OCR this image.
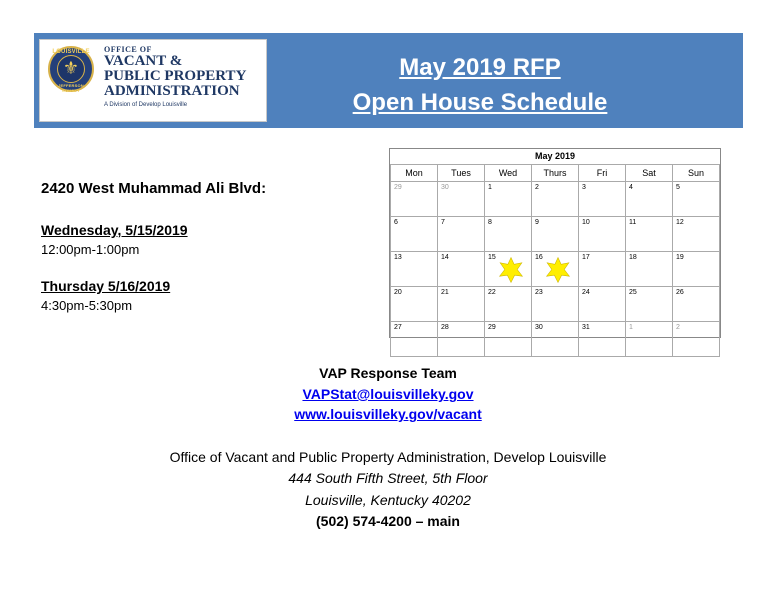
LOUISVILLE
⚜
JEFFERSON COUNTY
OFFICE OF
VACANT &
PUBLIC PROPERTY
ADMINISTRATION
A Division of Develop Louisville
May 2019 RFP
Open House Schedule
2420 West Muhammad Ali Blvd:
Wednesday, 5/15/2019
12:00pm-1:00pm
Thursday 5/16/2019
4:30pm-5:30pm
May 2019
Mon	Tues	Wed	Thurs	Fri	Sat	Sun
29	30	1	2	3	4	5
6	7	8	9	10	11	12
13	14	15	16	17	18	19
20	21	22	23	24	25	26
27	28	29	30	31	1	2
VAP Response Team
VAPStat@louisvilleky.gov
www.louisvilleky.gov/vacant
Office of Vacant and Public Property Administration, Develop Louisville
444 South Fifth Street, 5th Floor
Louisville, Kentucky 40202
(502) 574-4200 – main
